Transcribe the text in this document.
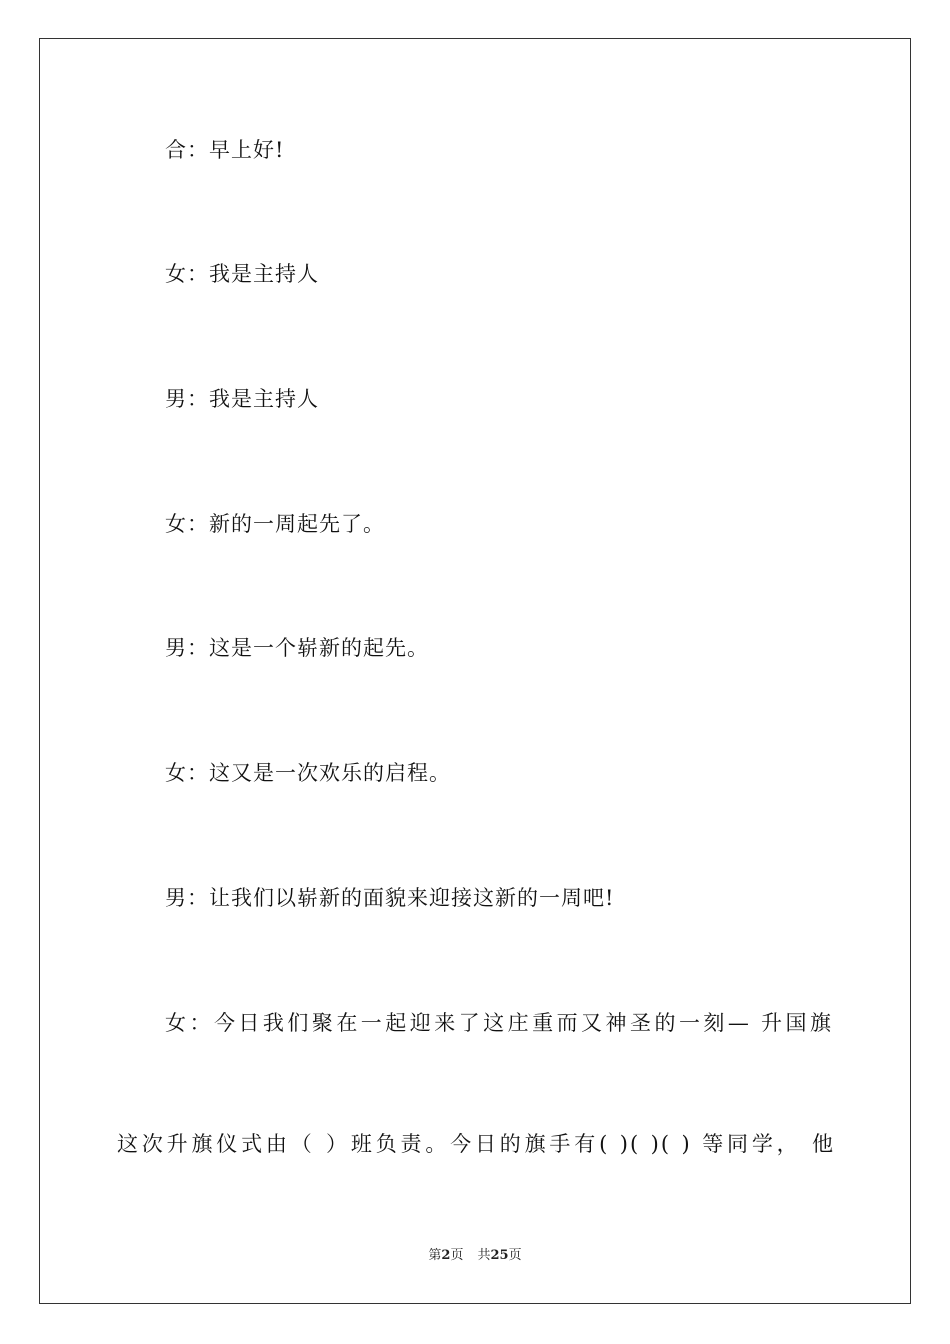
合：早上好!
女：我是主持人
男：我是主持人
女：新的一周起先了。
男：这是一个崭新的起先。
女：这又是一次欢乐的启程。
男：让我们以崭新的面貌来迎接这新的一周吧!
女：今日我们聚在一起迎来了这庄重而又神圣的一刻— 升国旗
这次升旗仪式由（ ）班负责。今日的旗手有( )( )( ) 等同学， 他
第2页 共25页
